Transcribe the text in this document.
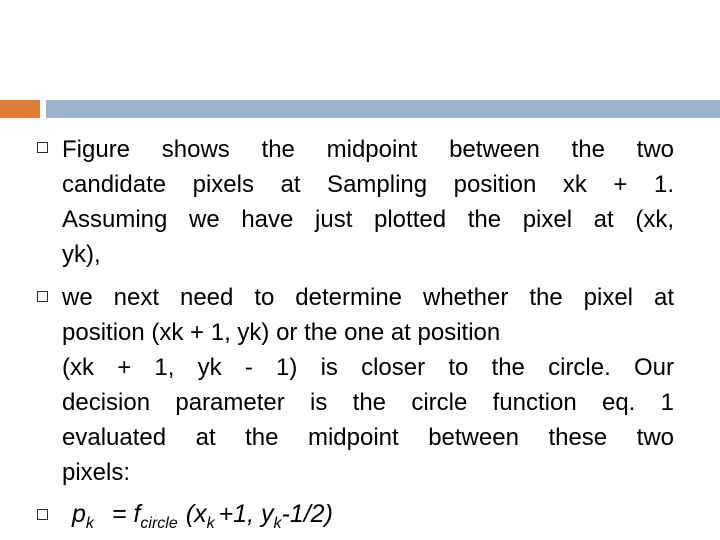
Figure shows the midpoint between the two
candidate pixels at Sampling position xk + 1.
Assuming we have just plotted the pixel at (xk,
yk),
we next need to determine whether the pixel at
position (xk + 1, yk) or the one at position
(xk + 1, yk - 1) is closer to the circle. Our
decision parameter is the circle function eq. 1
evaluated at the midpoint between these two
pixels:
$p_k = f_{circle}$ ($x_k +1$, $y_k-1/2$)
